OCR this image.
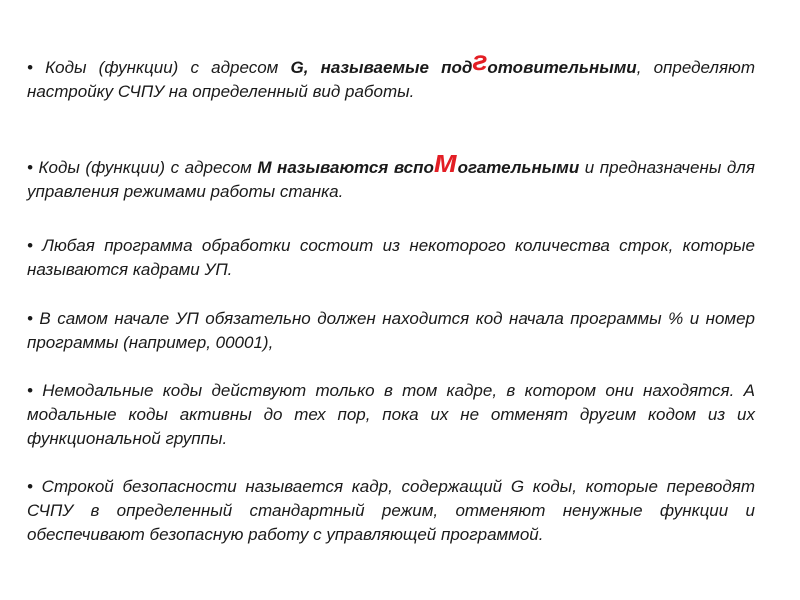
• Коды (функции) с адресом G, называемые подготовительными, определяют настройку СЧПУ на определенный вид работы.
• Коды (функции) с адресом М называются вспомогательными и предназначены для управления режимами работы станка.
• Любая программа обработки состоит из некоторого количества строк, которые называются кадрами УП.
• В самом начале УП обязательно должен находится код начала программы % и номер программы (например, 00001),
• Немодальные коды действуют только в том кадре, в котором они находятся. А модальные коды активны до тех пор, пока их не отменят другим кодом из их функциональной группы.
• Строкой безопасности называется кадр, содержащий G коды, которые переводят СЧПУ в определенный стандартный режим, отменяют ненужные функции и обеспечивают безопасную работу с управляющей программой.
